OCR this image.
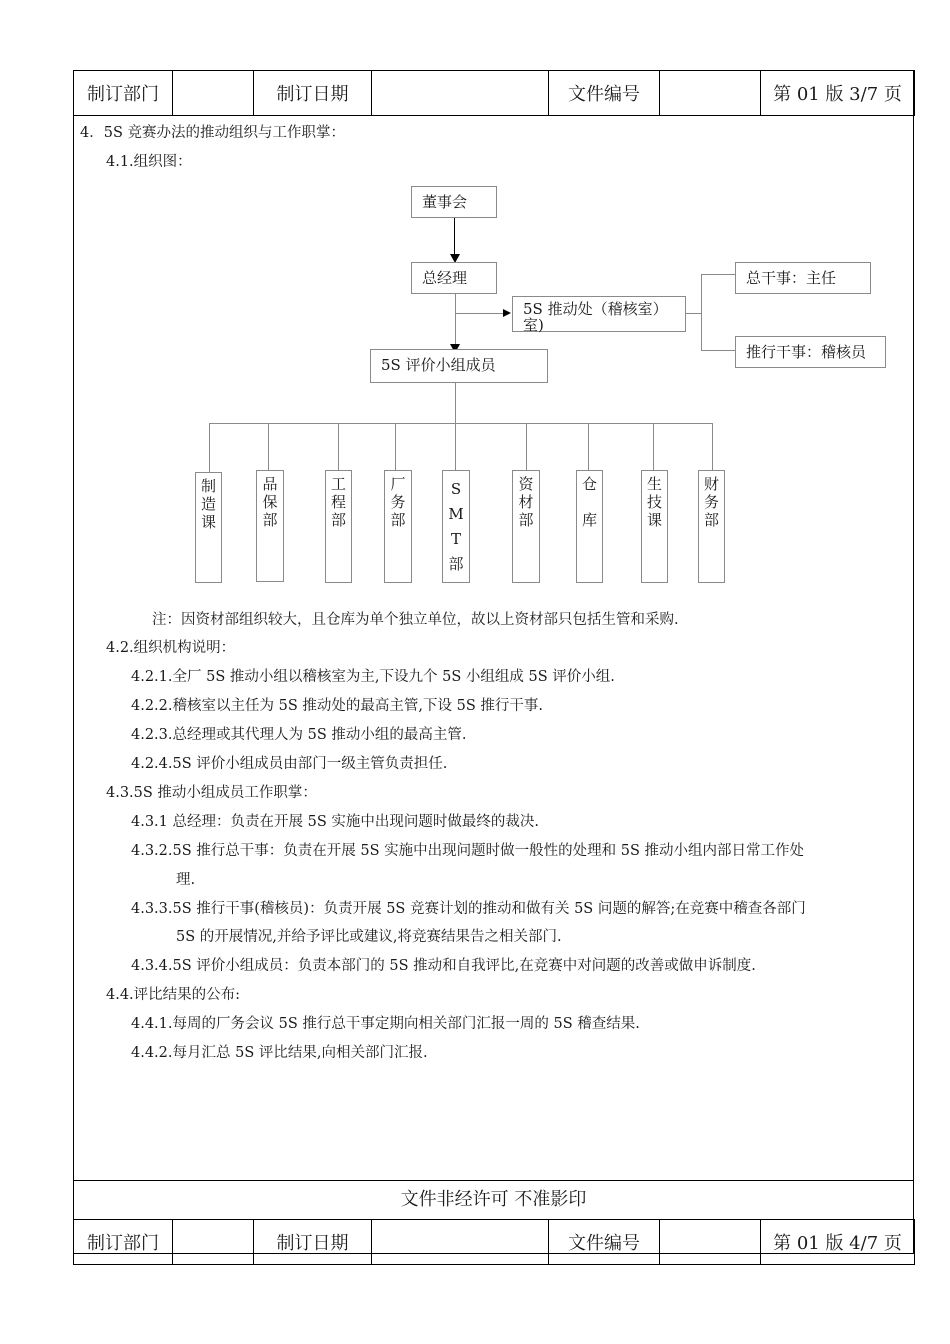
制订部门		制订日期		文件编号		第 01 版 3/7 页
4．5S 竞赛办法的推动组织与工作职掌：
4.1.组织图：
董事会
总经理
5S 推动处（稽核室）
室)
总干事：主任
推行干事：稽核员
5S 评价小组成员
制
造
课
品
保
部
工
程
部
厂
务
部
S
M
T
部
资
材
部
仓

库
生
技
课
财
务
部
注：因资材部组织较大，且仓库为单个独立单位，故以上资材部只包括生管和采购.
4.2.组织机构说明：
4.2.1.全厂 5S 推动小组以稽核室为主,下设九个 5S 小组组成 5S 评价小组.
4.2.2.稽核室以主任为 5S 推动处的最高主管,下设 5S 推行干事.
4.2.3.总经理或其代理人为 5S 推动小组的最高主管.
4.2.4.5S 评价小组成员由部门一级主管负责担任.
4.3.5S 推动小组成员工作职掌：
4.3.1 总经理：负责在开展 5S 实施中出现问题时做最终的裁决.
4.3.2.5S 推行总干事：负责在开展 5S 实施中出现问题时做一般性的处理和 5S 推动小组内部日常工作处
理.
4.3.3.5S 推行干事(稽核员)：负责开展 5S 竞赛计划的推动和做有关 5S 问题的解答;在竞赛中稽查各部门
5S 的开展情况,并给予评比或建议,将竞赛结果告之相关部门.
4.3.4.5S 评价小组成员：负责本部门的 5S 推动和自我评比,在竞赛中对问题的改善或做申诉制度.
4.4.评比结果的公布:
4.4.1.每周的厂务会议 5S 推行总干事定期向相关部门汇报一周的 5S 稽查结果.
4.4.2.每月汇总 5S 评比结果,向相关部门汇报.
文件非经许可 不准影印
制订部门		制订日期		文件编号		第 01 版 4/7 页
